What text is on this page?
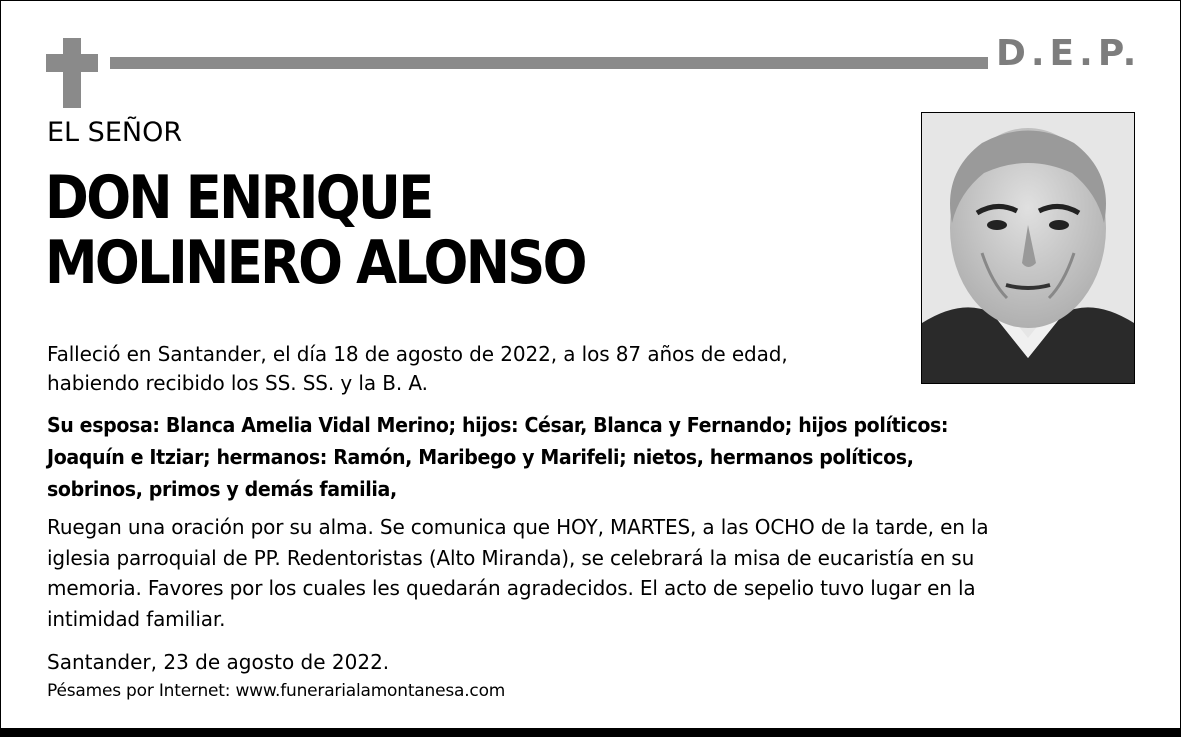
D.E.P.
EL SEÑOR
DON ENRIQUE
MOLINERO ALONSO
Falleció en Santander, el día 18 de agosto de 2022, a los 87 años de edad,
habiendo recibido los SS. SS. y la B. A.
Su esposa: Blanca Amelia Vidal Merino; hijos: César, Blanca y Fernando; hijos políticos:
Joaquín e Itziar; hermanos: Ramón, Maribego y Marifeli; nietos, hermanos políticos,
sobrinos, primos y demás familia,
Ruegan una oración por su alma. Se comunica que HOY, MARTES, a las OCHO de la tarde, en la
iglesia parroquial de PP. Redentoristas (Alto Miranda), se celebrará la misa de eucaristía en su
memoria. Favores por los cuales les quedarán agradecidos. El acto de sepelio tuvo lugar en la
intimidad familiar.
Santander, 23 de agosto de 2022.
Pésames por Internet: www.funerarialamontanesa.com
